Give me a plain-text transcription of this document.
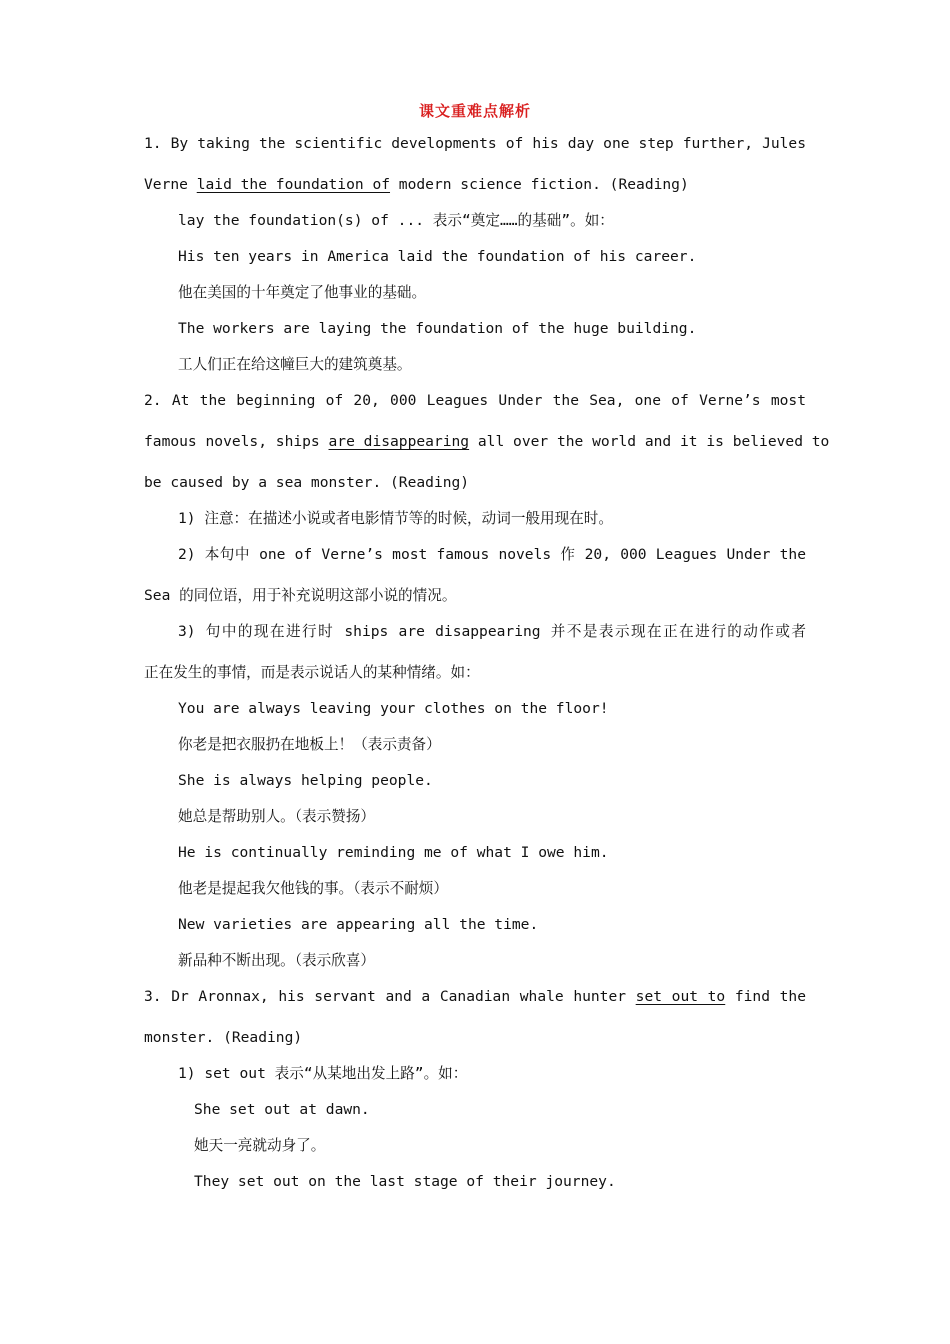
课文重难点解析
1. By taking the scientific developments of his day one step further, Jules
Verne laid the foundation of modern science fiction. (Reading)
lay the foundation(s) of ... 表示“奠定……的基础”。如：
His ten years in America laid the foundation of his career.
他在美国的十年奠定了他事业的基础。
The workers are laying the foundation of the huge building.
工人们正在给这幢巨大的建筑奠基。
2. At the beginning of 20, 000 Leagues Under the Sea, one of Verne’s most
famous novels, ships are disappearing all over the world and it is believed to
be caused by a sea monster. (Reading)
1) 注意：在描述小说或者电影情节等的时候，动词一般用现在时。
2) 本句中 one of Verne’s most famous novels 作 20, 000 Leagues Under the
Sea 的同位语，用于补充说明这部小说的情况。
3) 句中的现在进行时 ships are disappearing 并不是表示现在正在进行的动作或者
正在发生的事情，而是表示说话人的某种情绪。如：
You are always leaving your clothes on the floor!
你老是把衣服扔在地板上！（表示责备）
She is always helping people.
她总是帮助别人。（表示赞扬）
He is continually reminding me of what I owe him.
他老是提起我欠他钱的事。（表示不耐烦）
New varieties are appearing all the time.
新品种不断出现。（表示欣喜）
3. Dr Aronnax, his servant and a Canadian whale hunter set out to find the
monster. (Reading)
1) set out 表示“从某地出发上路”。如：
She set out at dawn.
她天一亮就动身了。
They set out on the last stage of their journey.
